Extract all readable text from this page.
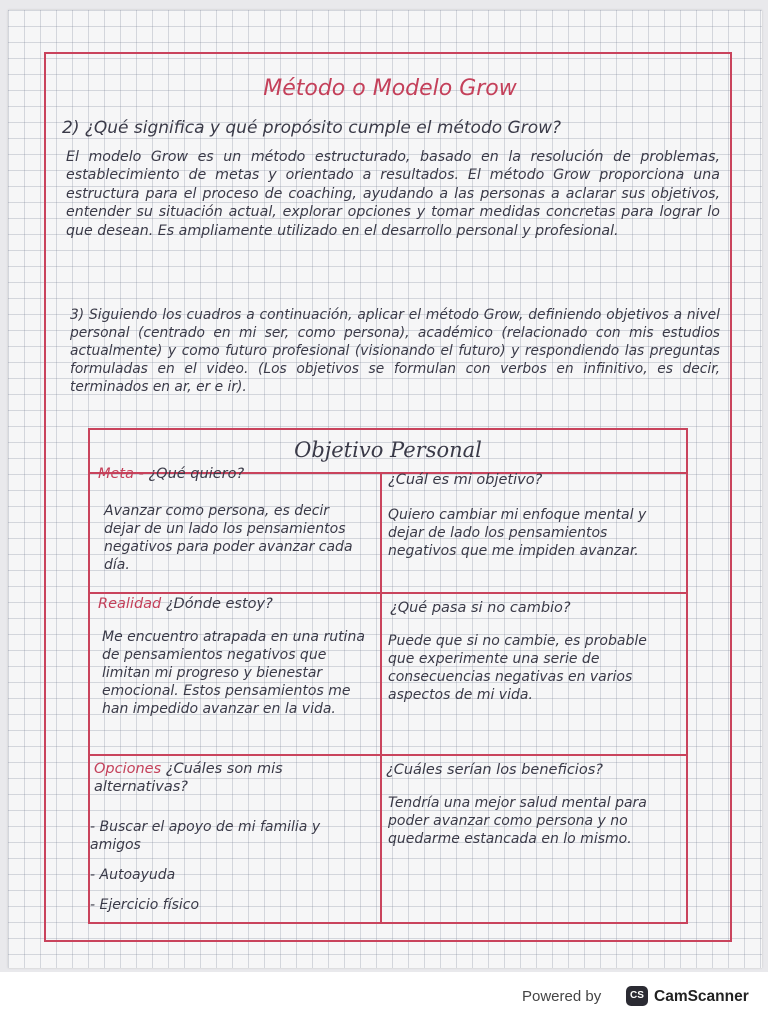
Método o Modelo Grow

2) ¿Qué significa y qué propósito cumple el método Grow?

El modelo Grow es un método estructurado, basado en la resolución de problemas, establecimiento de metas y orientado a resultados. El método Grow proporciona una estructura para el proceso de coaching, ayudando a las personas a aclarar sus objetivos, entender su situación actual, explorar opciones y tomar medidas concretas para lograr lo que desean. Es ampliamente utilizado en el desarrollo personal y profesional.

3) Siguiendo los cuadros a continuación, aplicar el método Grow, definiendo objetivos a nivel personal (centrado en mi ser, como persona), académico (relacionado con mis estudios actualmente) y como futuro profesional (visionando el futuro) y respondiendo las preguntas formuladas en el video. (Los objetivos se formulan con verbos en infinitivo, es decir, terminados en ar, er e ir).

Objetivo Personal
Meta - ¿Qué quiero?
Avanzar como persona, es decir dejar de un lado los pensamientos negativos para poder avanzar cada día.
¿Cuál es mi objetivo?
Quiero cambiar mi enfoque mental y dejar de lado los pensamientos negativos que me impiden avanzar.
Realidad ¿Dónde estoy?
Me encuentro atrapada en una rutina de pensamientos negativos que limitan mi progreso y bienestar emocional. Estos pensamientos me han impedido avanzar en la vida.
¿Qué pasa si no cambio?
Puede que si no cambie, es probable que experimente una serie de consecuencias negativas en varios aspectos de mi vida.
Opciones ¿Cuáles son mis alternativas?
- Buscar el apoyo de mi familia y amigos
- Autoayuda
- Ejercicio físico
¿Cuáles serían los beneficios?
Tendría una mejor salud mental para poder avanzar como persona y no quedarme estancada en lo mismo.
Powered by	CS CamScanner
